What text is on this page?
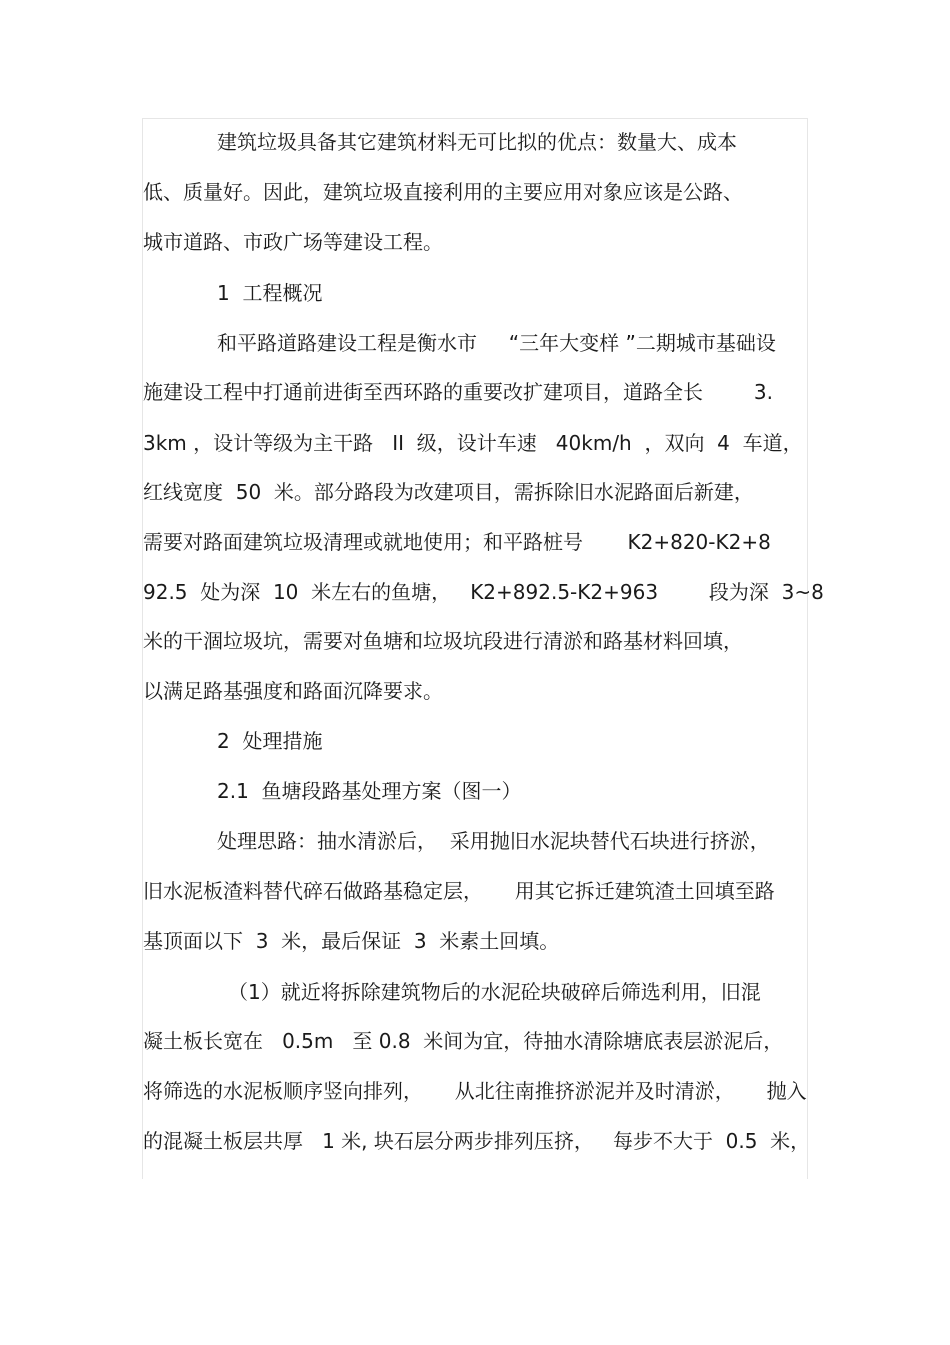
建筑垃圾具备其它建筑材料无可比拟的优点：数量大、成本
低、质量好。因此，建筑垃圾直接利用的主要应用对象应该是公路、
城市道路、市政广场等建设工程。
1  工程概况
和平路道路建设工程是衡水市     “三年大变样 ”二期城市基础设
施建设工程中打通前进街至西环路的重要改扩建项目，道路全长        3.
3km ，设计等级为主干路   II  级，设计车速   40km/h  ，双向  4  车道，
红线宽度  50  米。部分路段为改建项目，需拆除旧水泥路面后新建，
需要对路面建筑垃圾清理或就地使用；和平路桩号       K2+820-K2+8
92.5  处为深  10  米左右的鱼塘，   K2+892.5-K2+963        段为深  3~8
米的干涸垃圾坑，需要对鱼塘和垃圾坑段进行清淤和路基材料回填，
以满足路基强度和路面沉降要求。
2  处理措施
2.1  鱼塘段路基处理方案（图一）
处理思路：抽水清淤后，  采用抛旧水泥块替代石块进行挤淤，
旧水泥板渣料替代碎石做路基稳定层，     用其它拆迁建筑渣土回填至路
基顶面以下  3  米，最后保证  3  米素土回填。
（1）就近将拆除建筑物后的水泥砼块破碎后筛选利用，旧混
凝土板长宽在   0.5m   至 0.8  米间为宜，待抽水清除塘底表层淤泥后，
将筛选的水泥板顺序竖向排列，     从北往南推挤淤泥并及时清淤，     抛入
的混凝土板层共厚   1 米, 块石层分两步排列压挤，   每步不大于  0.5  米，
